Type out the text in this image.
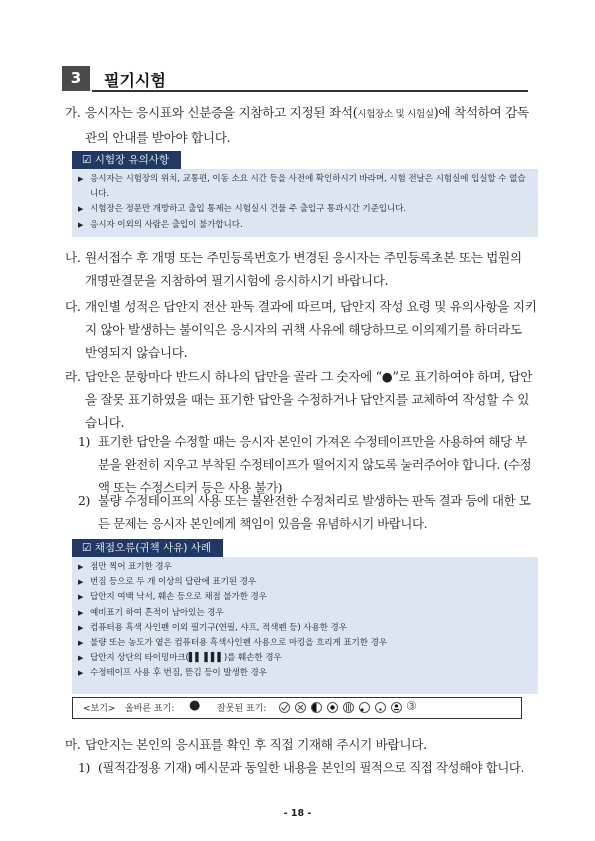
3	필기시험
가. 응시자는 응시표와 신분증을 지참하고 지정된 좌석(시험장소 및 시험실)에 착석하여 감독관의 안내를 받아야 합니다.
☑ 시험장 유의사항
▶ 응시자는 시험장의 위치, 교통편, 이동 소요 시간 등을 사전에 확인하시기 바라며, 시험 전날은 시험실에 입실할 수 없습니다.
▶ 시험장은 정문만 개방하고 출입 통제는 시험실시 건물 주 출입구 통과시간 기준입니다.
▶ 응시자 이외의 사람은 출입이 불가합니다.
나. 원서접수 후 개명 또는 주민등록번호가 변경된 응시자는 주민등록초본 또는 법원의 개명판결문을 지참하여 필기시험에 응시하시기 바랍니다.
다. 개인별 성적은 답안지 전산 판독 결과에 따르며, 답안지 작성 요령 및 유의사항을 지키지 않아 발생하는 불이익은 응시자의 귀책 사유에 해당하므로 이의제기를 하더라도 반영되지 않습니다.
라. 답안은 문항마다 반드시 하나의 답만을 골라 그 숫자에 “●”로 표기하여야 하며, 답안을 잘못 표기하였을 때는 표기한 답안을 수정하거나 답안지를 교체하여 작성할 수 있습니다.
1) 표기한 답안을 수정할 때는 응시자 본인이 가져온 수정테이프만을 사용하여 해당 부분을 완전히 지우고 부착된 수정테이프가 떨어지지 않도록 눌러주어야 합니다. (수정액 또는 수정스티커 등은 사용 불가)
2) 불량 수정테이프의 사용 또는 불완전한 수정처리로 발생하는 판독 결과 등에 대한 모든 문제는 응시자 본인에게 책임이 있음을 유념하시기 바랍니다.
☑ 채점오류(귀책 사유) 사례
▶ 점만 찍어 표기한 경우
▶ 번짐 등으로 두 개 이상의 답란에 표기된 경우
▶ 답안지 여백 낙서, 훼손 등으로 채점 불가한 경우
▶ 예비표기 하여 흔적이 남아있는 경우
▶ 컴퓨터용 흑색 사인펜 이외 필기구(연필, 샤프, 적색펜 등) 사용한 경우
▶ 불량 또는 농도가 옅은 컴퓨터용 흑색사인펜 사용으로 마킹을 흐리게 표기한 경우
▶ 답안지 상단의 타이밍마크(▌▌ ▌▌▌)를 훼손한 경우
▶ 수정테이프 사용 후 번짐, 뜯김 등이 발생한 경우
<보기> 올바른 표기: ● 잘못된 표기:	③
마. 답안지는 본인의 응시표를 확인 후 직접 기재해 주시기 바랍니다.
1) (필적감정용 기재) 예시문과 동일한 내용을 본인의 필적으로 직접 작성해야 합니다.
- 18 -
